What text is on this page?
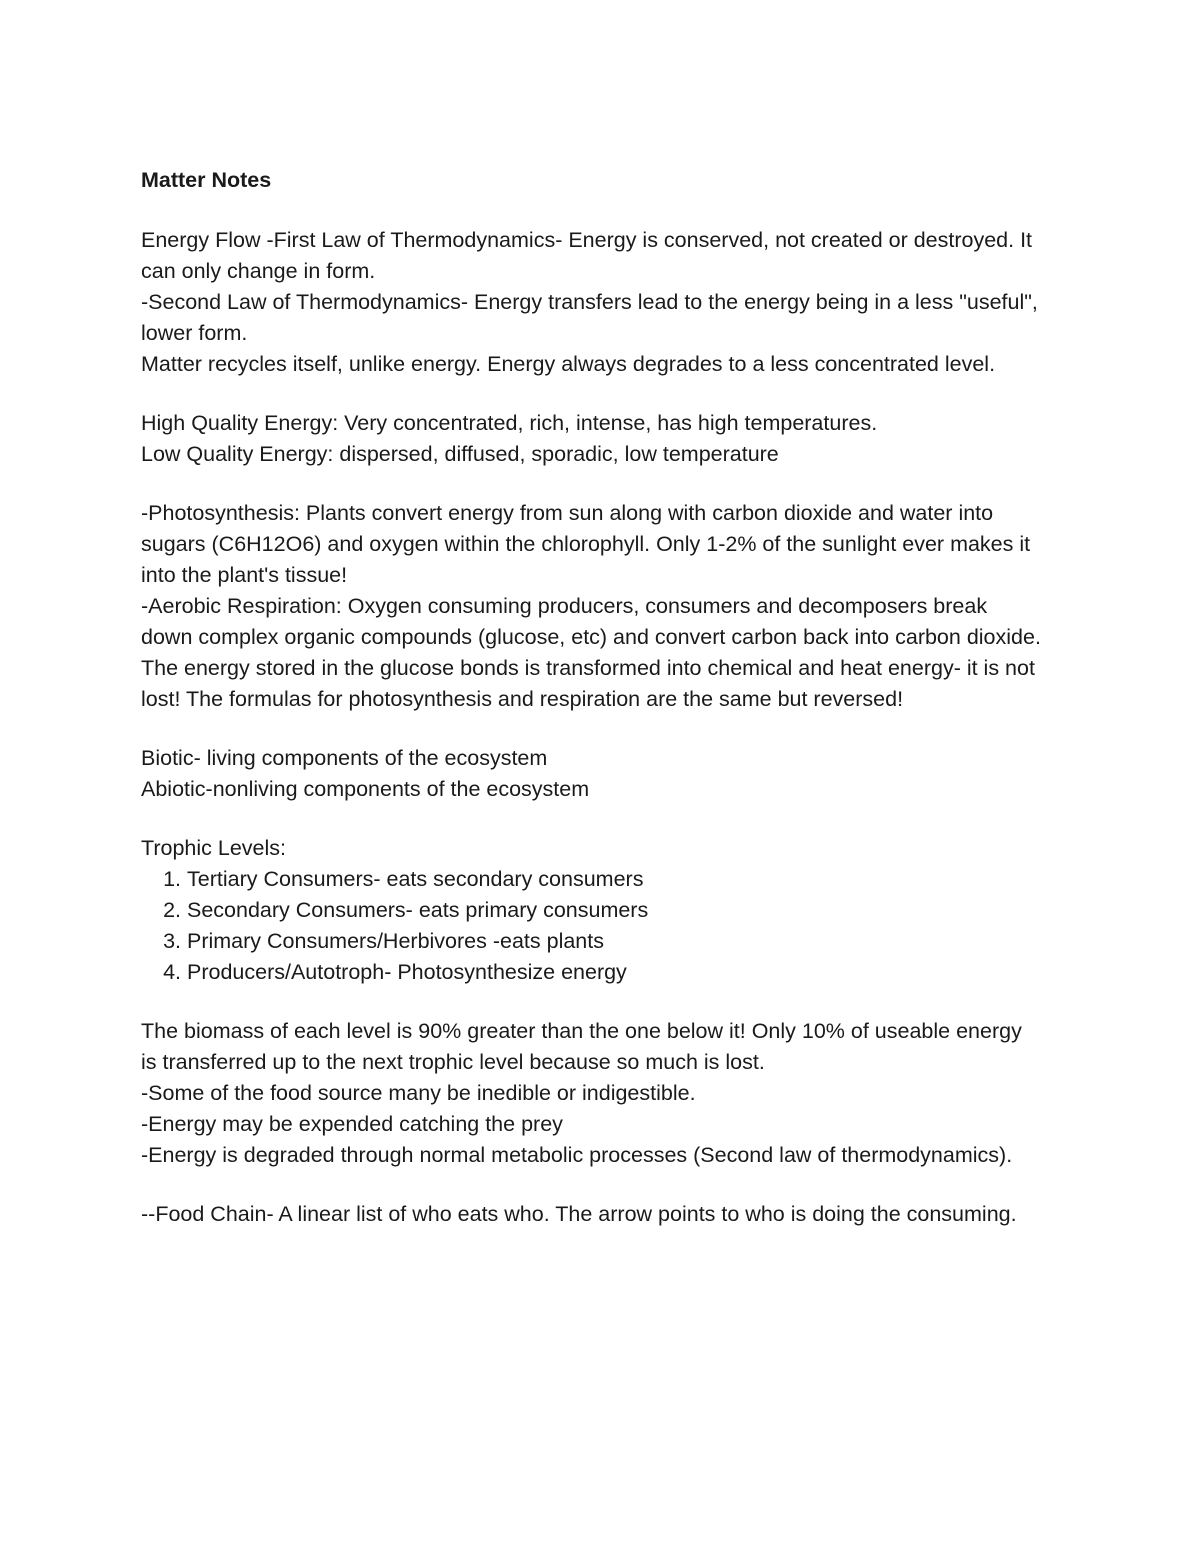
Matter Notes

Energy Flow -First Law of Thermodynamics- Energy is conserved, not created or destroyed. It can only change in form.

-Second Law of Thermodynamics- Energy transfers lead to the energy being in a less "useful", lower form.

Matter recycles itself, unlike energy. Energy always degrades to a less concentrated level.

High Quality Energy: Very concentrated, rich, intense, has high temperatures.

Low Quality Energy: dispersed, diffused, sporadic, low temperature

-Photosynthesis: Plants convert energy from sun along with carbon dioxide and water into sugars (C6H12O6) and oxygen within the chlorophyll. Only 1-2% of the sunlight ever makes it into the plant's tissue!

-Aerobic Respiration: Oxygen consuming producers, consumers and decomposers break down complex organic compounds (glucose, etc) and convert carbon back into carbon dioxide. The energy stored in the glucose bonds is transformed into chemical and heat energy- it is not lost! The formulas for photosynthesis and respiration are the same but reversed!

Biotic- living components of the ecosystem

Abiotic-nonliving components of the ecosystem

Trophic Levels:

1. Tertiary Consumers- eats secondary consumers
2. Secondary Consumers- eats primary consumers
3. Primary Consumers/Herbivores -eats plants
4. Producers/Autotroph- Photosynthesize energy

The biomass of each level is 90% greater than the one below it! Only 10% of useable energy is transferred up to the next trophic level because so much is lost.

-Some of the food source many be inedible or indigestible.

-Energy may be expended catching the prey

-Energy is degraded through normal metabolic processes (Second law of thermodynamics).

--Food Chain- A linear list of who eats who. The arrow points to who is doing the consuming.
